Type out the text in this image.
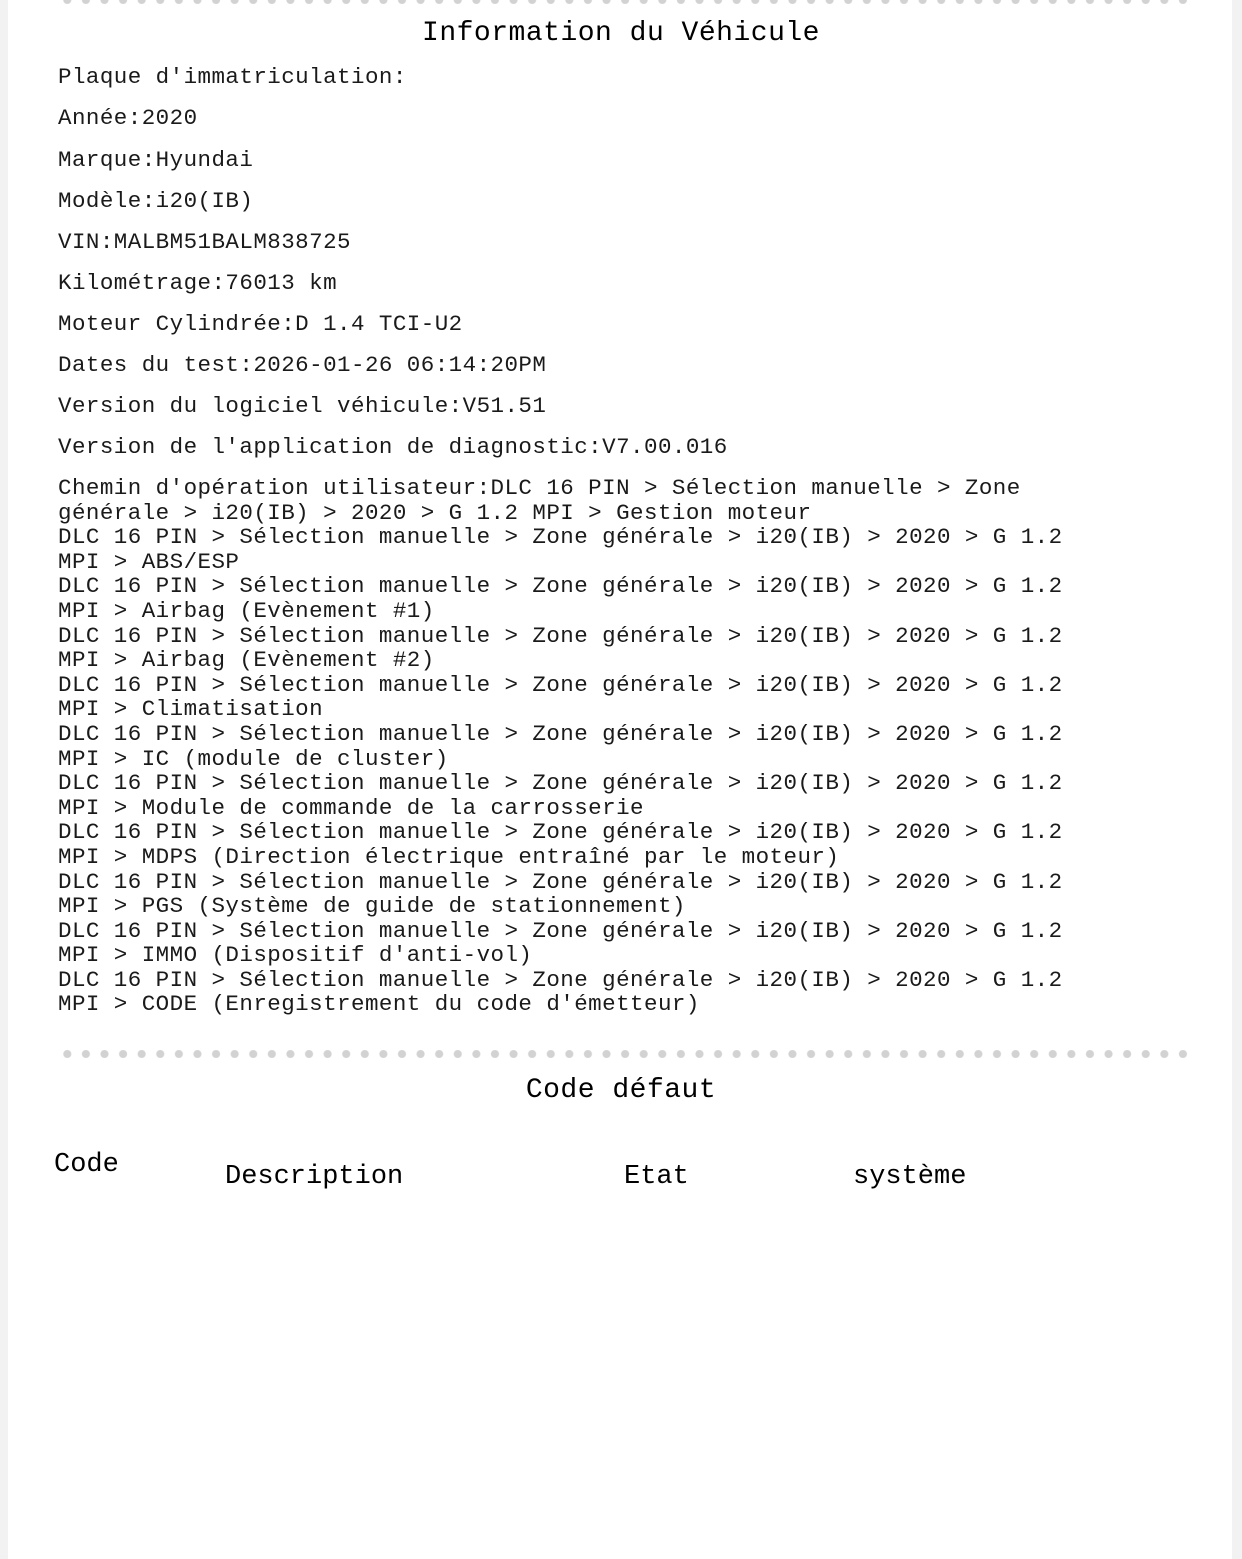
Information du Véhicule
Plaque d'immatriculation:
Année:2020
Marque:Hyundai
Modèle:i20(IB)
VIN:MALBM51BALM838725
Kilométrage:76013 km
Moteur Cylindrée:D 1.4 TCI-U2
Dates du test:2026-01-26 06:14:20PM
Version du logiciel véhicule:V51.51
Version de l'application de diagnostic:V7.00.016
Chemin d'opération utilisateur:DLC 16 PIN > Sélection manuelle > Zone
générale > i20(IB) > 2020 > G 1.2 MPI > Gestion moteur
DLC 16 PIN > Sélection manuelle > Zone générale > i20(IB) > 2020 > G 1.2
MPI > ABS/ESP
DLC 16 PIN > Sélection manuelle > Zone générale > i20(IB) > 2020 > G 1.2
MPI > Airbag (Evènement #1)
DLC 16 PIN > Sélection manuelle > Zone générale > i20(IB) > 2020 > G 1.2
MPI > Airbag (Evènement #2)
DLC 16 PIN > Sélection manuelle > Zone générale > i20(IB) > 2020 > G 1.2
MPI > Climatisation
DLC 16 PIN > Sélection manuelle > Zone générale > i20(IB) > 2020 > G 1.2
MPI > IC (module de cluster)
DLC 16 PIN > Sélection manuelle > Zone générale > i20(IB) > 2020 > G 1.2
MPI > Module de commande de la carrosserie
DLC 16 PIN > Sélection manuelle > Zone générale > i20(IB) > 2020 > G 1.2
MPI > MDPS (Direction électrique entraîné par le moteur)
DLC 16 PIN > Sélection manuelle > Zone générale > i20(IB) > 2020 > G 1.2
MPI > PGS (Système de guide de stationnement)
DLC 16 PIN > Sélection manuelle > Zone générale > i20(IB) > 2020 > G 1.2
MPI > IMMO (Dispositif d'anti-vol)
DLC 16 PIN > Sélection manuelle > Zone générale > i20(IB) > 2020 > G 1.2
MPI > CODE (Enregistrement du code d'émetteur)
Code défaut
Code	Description	Etat	système
